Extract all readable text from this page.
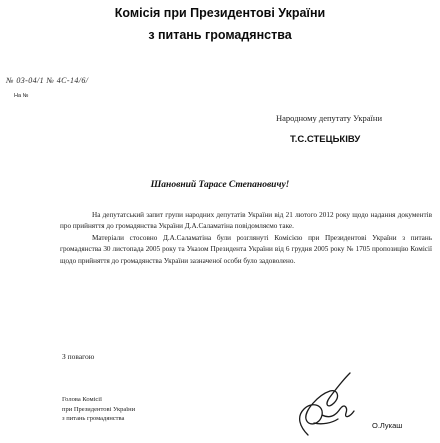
Комісія при Президентові України
з питань громадянства
№ 03-04/1 № 4С-14/6/
На №
Народному депутату України
Т.С.СТЕЦЬКІВУ
Шановний Тарасе Степановичу!

На депутатський запит групи народних депутатів України від 21 лютого 2012 року щодо надання документів про прийняття до громадянства України Д.А.Саламатіна повідомляємо таке.

Матеріали стосовно Д.А.Саламатіна були розглянуті Комісією при Президентові України з питань громадянства 30 листопада 2005 року та Указом Президента України від 6 грудня 2005 року № 1705 пропозицію Комісії щодо прийняття до громадянства України зазначеної особи було задоволено.

З повагою
Голова Комісії
при Президентові України
з питань громадянства
О.Лукаш
